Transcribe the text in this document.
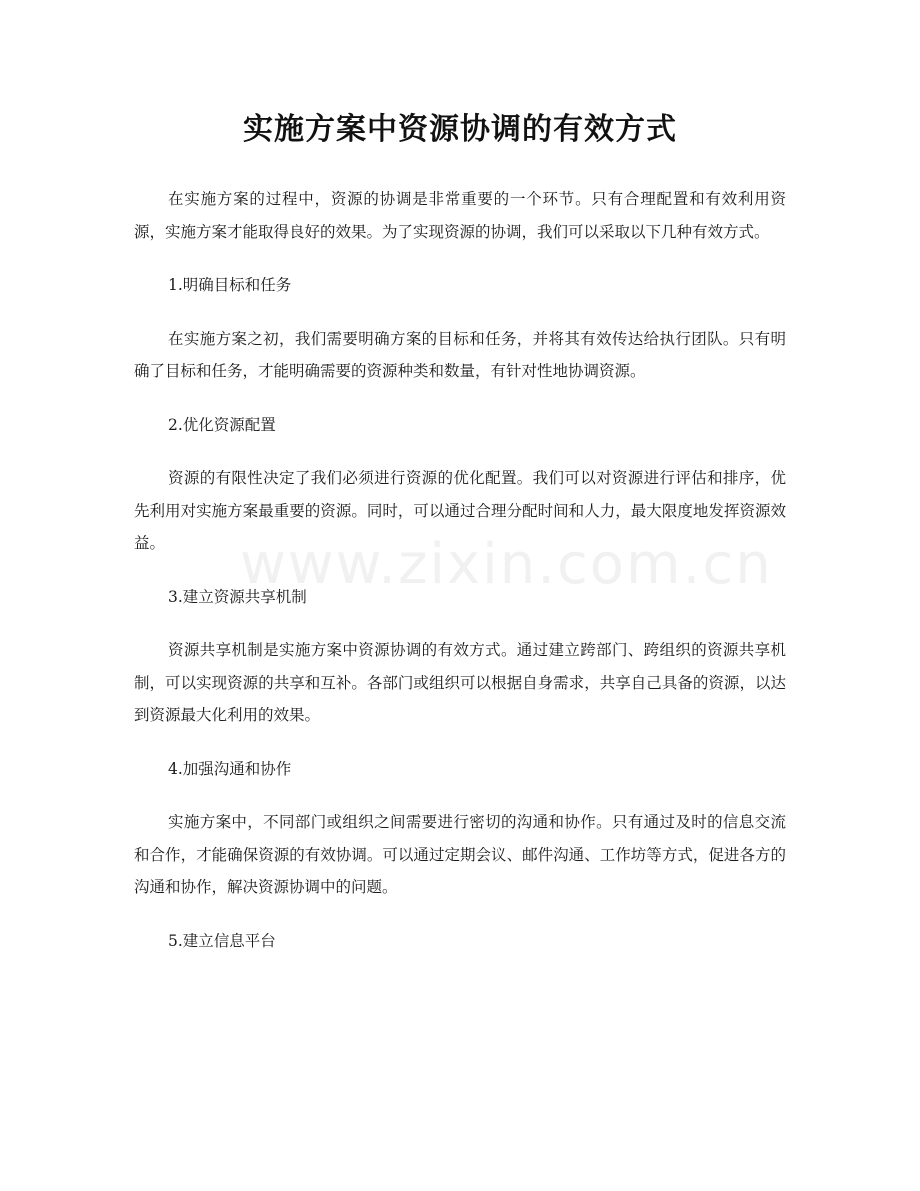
www.zixin.com.cn
实施方案中资源协调的有效方式

在实施方案的过程中，资源的协调是非常重要的一个环节。只有合理配置和有效利用资源，实施方案才能取得良好的效果。为了实现资源的协调，我们可以采取以下几种有效方式。

1.明确目标和任务

在实施方案之初，我们需要明确方案的目标和任务，并将其有效传达给执行团队。只有明确了目标和任务，才能明确需要的资源种类和数量，有针对性地协调资源。

2.优化资源配置

资源的有限性决定了我们必须进行资源的优化配置。我们可以对资源进行评估和排序，优先利用对实施方案最重要的资源。同时，可以通过合理分配时间和人力，最大限度地发挥资源效益。

3.建立资源共享机制

资源共享机制是实施方案中资源协调的有效方式。通过建立跨部门、跨组织的资源共享机制，可以实现资源的共享和互补。各部门或组织可以根据自身需求，共享自己具备的资源，以达到资源最大化利用的效果。

4.加强沟通和协作

实施方案中，不同部门或组织之间需要进行密切的沟通和协作。只有通过及时的信息交流和合作，才能确保资源的有效协调。可以通过定期会议、邮件沟通、工作坊等方式，促进各方的沟通和协作，解决资源协调中的问题。

5.建立信息平台
